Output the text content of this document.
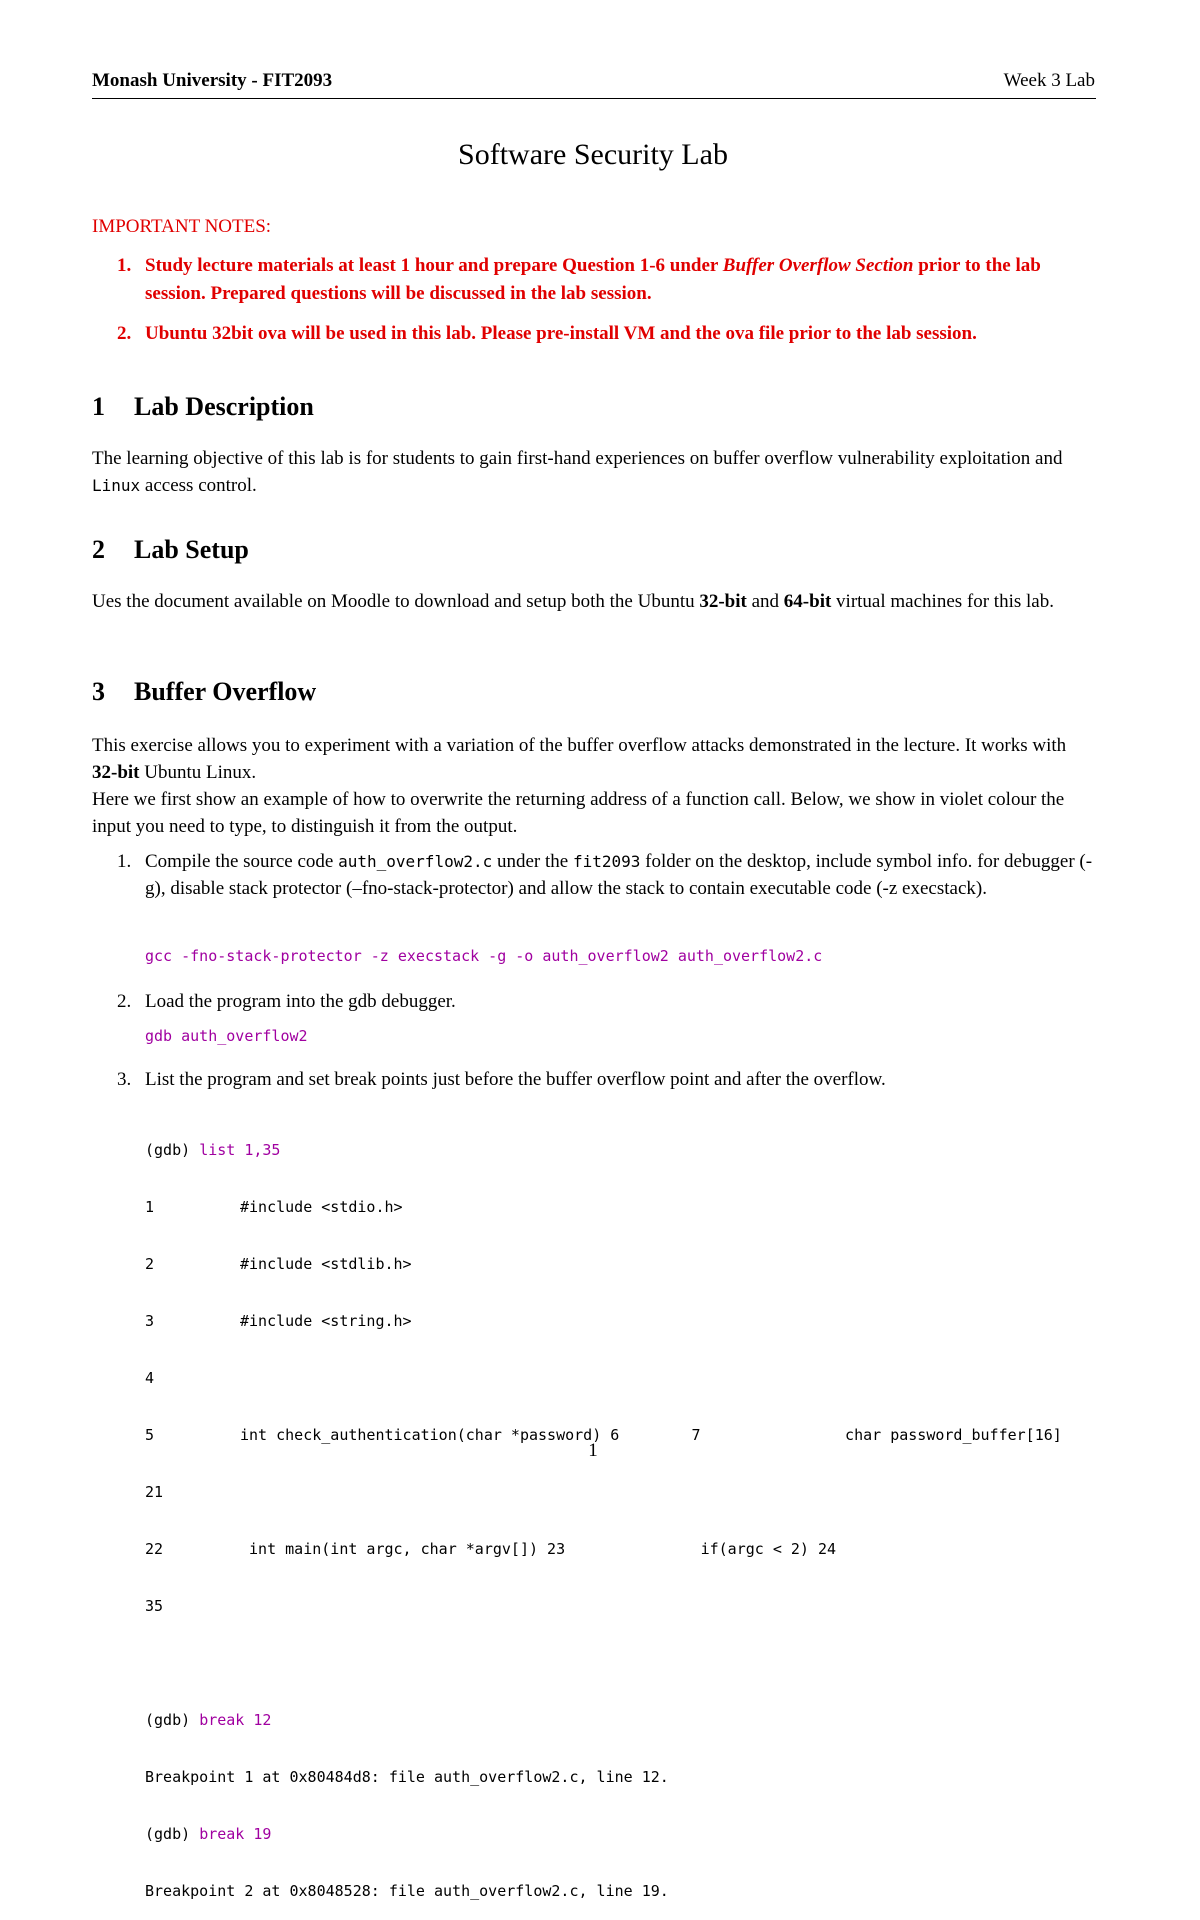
Monash University - FIT2093	Week 3 Lab
Software Security Lab
IMPORTANT NOTES:
1. Study lecture materials at least 1 hour and prepare Question 1-6 under Buffer Overflow Section prior to the lab session. Prepared questions will be discussed in the lab session.
2. Ubuntu 32bit ova will be used in this lab. Please pre-install VM and the ova file prior to the lab session.
1 Lab Description
The learning objective of this lab is for students to gain first-hand experiences on buffer overflow vulnerability exploitation and Linux access control.
2 Lab Setup
Ues the document available on Moodle to download and setup both the Ubuntu 32-bit and 64-bit virtual machines for this lab.
3 Buffer Overflow
This exercise allows you to experiment with a variation of the buffer overflow attacks demonstrated in the lecture. It works with 32-bit Ubuntu Linux.
Here we first show an example of how to overwrite the returning address of a function call. Below, we show in violet colour the input you need to type, to distinguish it from the output.
1. Compile the source code auth_overflow2.c under the fit2093 folder on the desktop, include symbol info. for debugger (-g), disable stack protector (–fno-stack-protector) and allow the stack to contain executable code (-z execstack).
gcc -fno-stack-protector -z execstack -g -o auth_overflow2 auth_overflow2.c
2. Load the program into the gdb debugger.
gdb auth_overflow2
3. List the program and set break points just before the buffer overflow point and after the overflow.

(gdb) list 1,35

1	#include <stdio.h>

2	#include <stdlib.h>

3	#include <string.h>

4

5	int check_authentication(char *password) 6        7                char password_buffer[16]

21

22	int main(int argc, char *argv[]) 23               if(argc < 2) 24

35

(gdb) break 12

Breakpoint 1 at 0x80484d8: file auth_overflow2.c, line 12.

(gdb) break 19

Breakpoint 2 at 0x8048528: file auth_overflow2.c, line 19.

1
